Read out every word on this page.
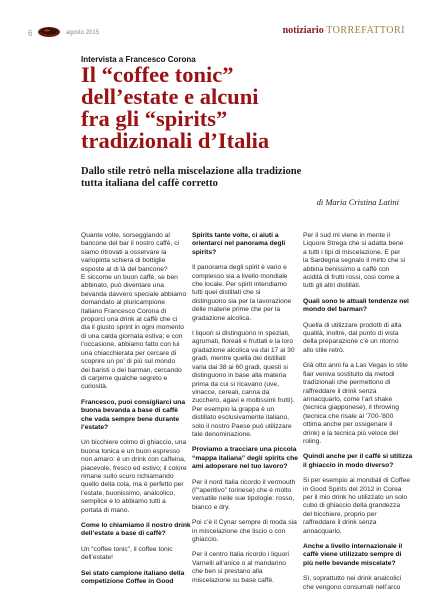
6	agosto 2015	notiziario TORREFATTORI
Intervista a Francesco Corona
Il “coffee tonic”
dell’estate e alcuni
fra gli “spirits”
tradizionali d’Italia
Dallo stile retrò nella miscelazione alla tradizione
tutta italiana del caffè corretto
di Maria Cristina Latini

Quante volte, sorseggiando al
bancone del bar il nostro caffè, ci
siamo ritrovati a osservare la
variopinta schiera di bottiglie
esposte al di là del bancone?
E siccome un buon caffè, se ben
abbinato, può diventare una
bevanda davvero speciale abbiamo
domandato al pluricampione
italiano Francesco Corona di
proporci una drink al caffè che ci
dia il giusto sprint in ogni momento
di una calda giornata estiva; e con
l’occasione, abbiamo fatto con lui
una chiacchierata per cercare di
scoprire un po’ di più sul mondo
dei baristi o dei barman, cercando
di carpirne qualche segreto e
curiosità.

Francesco, puoi consigliarci una
buona bevanda a base di caffè
che vada sempre bene durante
l’estate?

Un bicchiere colmo di ghiaccio, una
buona tonica e un buon espresso
non amaro: è un drink con caffeina,
piacevole, fresco ed estivo; il colore
rimane sullo scuro richiamando
quello della cola, ma è perfetto per
l’estate, buonissimo, analcolico,
semplice e lo abbiamo tutti a
portata di mano.

Come lo chiamiamo il nostro drink
dell’estate a base di caffè?

Un “coffee tonic”, il coffee tonic
dell’estate!

Sei stato campione italiano della
competizione Coffee in Good

Spirits tante volte, ci aiuti a
orientarci nel panorama degli
spirits?

Il panorama degli spirit è vario e
complesso sia a livello mondiale
che locale. Per spirit intendiamo
tutti quei distillati che si
distinguono sia per la lavorazione
delle materie prime che per la
gradazione alcolica.

I liquori si distinguono in speziati,
agrumati, floreali e fruttati e la loro
gradazione alcolica va dai 17 ai 30
gradi, mentre quella dei distillati
varia dai 38 ai 60 gradi, questi si
distinguono in base alla materia
prima da cui si ricavano (uve,
vinacce, cereali, canna da
zucchero, agavi e moltissimi frutti).
Per esempio la grappa è un
distillato esclusivamente italiano,
solo il nostro Paese può utilizzare
tale denominazione.

Proviamo a tracciare una piccola
“mappa italiana” degli spirits che
ami adoperare nel tuo lavoro?

Per il nord Italia ricordo il vermouth
(l’“aperitivo” torinese) che è molto
versatile nelle sue tipologie: rosso,
bianco e dry.

Poi c’è il Cynar sempre di moda sia
in miscelazione che liscio o con
ghiaccio.

Per il centro Italia ricordo i liquori
Varnelli all’anice o al mandarino
che ben si prestano alla
miscelazione su base caffè.

Per il sud mi viene in mente il
Liquore Strega che si adatta bene
a tutti i tipi di miscelazione. E per
la Sardegna segnalo il mirto che si
abbina benissimo a caffè con
acidità di frutti rossi, cosi come a
tutti gli altri distillati.

Quali sono le attuali tendenze nel
mondo del barman?

Quella di utilizzare prodotti di alta
qualità, inoltre, dal punto di vista
della preparazione c’è un ritorno
allo stile retrò.

Già otto anni fa a Las Vegas lo stile
flair veniva sostituito da metodi
tradizionali che permettono di
raffreddare il drink senza
annacquarlo, come l’art shake
(tecnica giapponese), il throwing
(tecnica che risale al ’700-’800
ottima anche per ossigenare il
drink) e la tecnica più veloce del
roling.

Quindi anche per il caffè si utilizza
il ghiaccio in modo diverso?

Si per esempio ai mondiali di Coffee
in Good Spirits del 2012 in Corea
per il mio drink ho utilizzato un solo
cubo di ghiaccio della grandezza
del bicchiere, proprio per
raffreddare il drink senza
annacquarlo.

Anche a livello internazionale il
caffè viene utilizzato sempre di
più nelle bevande miscelate?

Sì, soprattutto nei drink analcolici
che vengono consumati nell’arco
